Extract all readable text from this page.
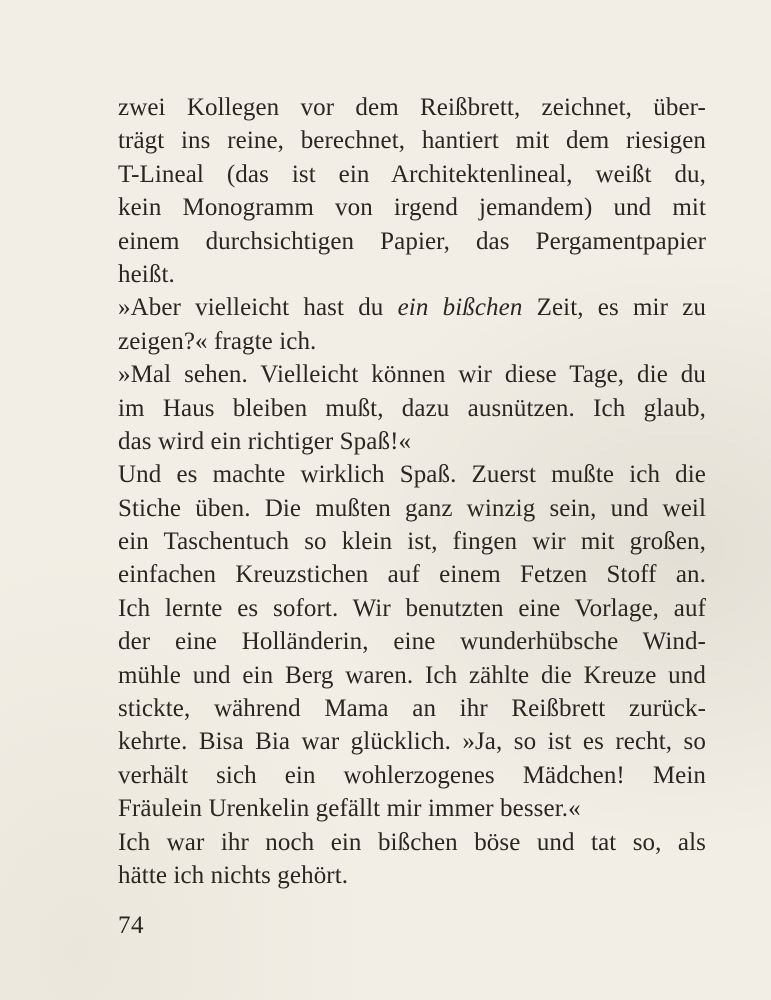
zwei Kollegen vor dem Reißbrett, zeichnet, über-
trägt ins reine, berechnet, hantiert mit dem riesigen
T-Lineal (das ist ein Architektenlineal, weißt du,
kein Monogramm von irgend jemandem) und mit
einem durchsichtigen Papier, das Pergamentpapier
heißt.
»Aber vielleicht hast du ein bißchen Zeit, es mir zu
zeigen?« fragte ich.
»Mal sehen. Vielleicht können wir diese Tage, die du
im Haus bleiben mußt, dazu ausnützen. Ich glaub,
das wird ein richtiger Spaß!«
Und es machte wirklich Spaß. Zuerst mußte ich die
Stiche üben. Die mußten ganz winzig sein, und weil
ein Taschentuch so klein ist, fingen wir mit großen,
einfachen Kreuzstichen auf einem Fetzen Stoff an.
Ich lernte es sofort. Wir benutzten eine Vorlage, auf
der eine Holländerin, eine wunderhübsche Wind-
mühle und ein Berg waren. Ich zählte die Kreuze und
stickte, während Mama an ihr Reißbrett zurück-
kehrte. Bisa Bia war glücklich. »Ja, so ist es recht, so
verhält sich ein wohlerzogenes Mädchen! Mein
Fräulein Urenkelin gefällt mir immer besser.«
Ich war ihr noch ein bißchen böse und tat so, als
hätte ich nichts gehört.
74
